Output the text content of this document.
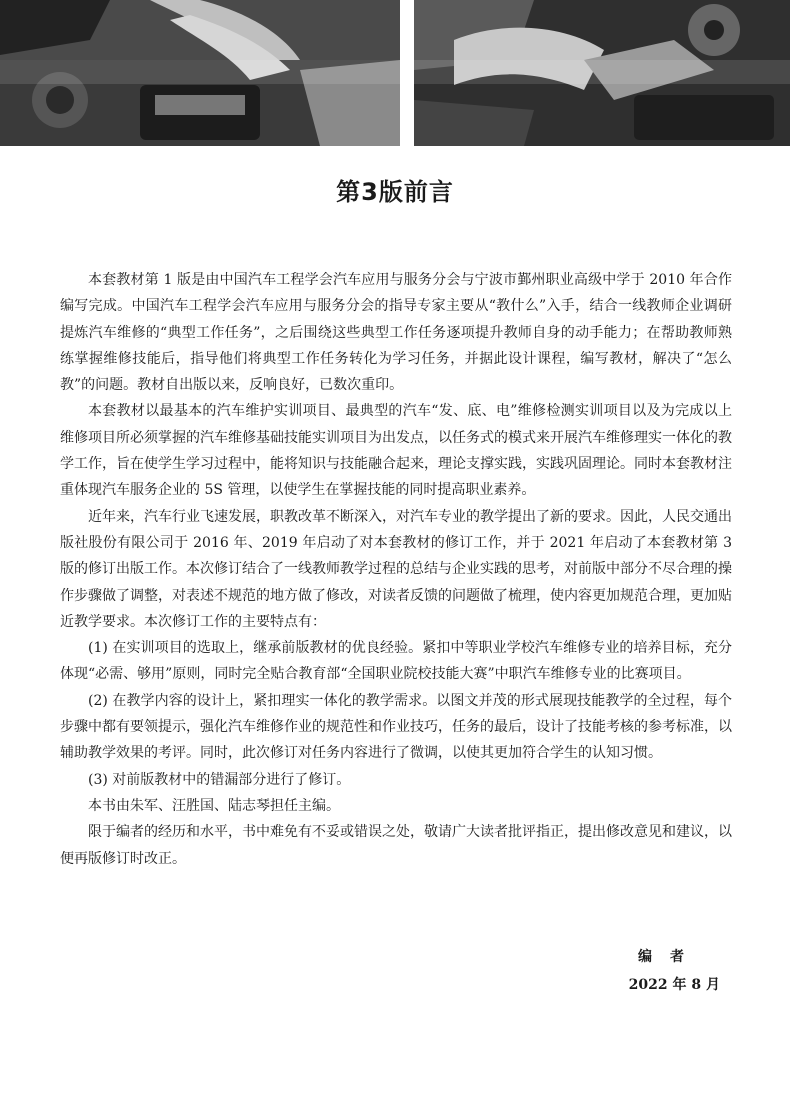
第3版前言

本套教材第 1 版是由中国汽车工程学会汽车应用与服务分会与宁波市鄞州职业高级中学于 2010 年合作编写完成。中国汽车工程学会汽车应用与服务分会的指导专家主要从“教什么”入手，结合一线教师企业调研提炼汽车维修的“典型工作任务”，之后围绕这些典型工作任务逐项提升教师自身的动手能力；在帮助教师熟练掌握维修技能后，指导他们将典型工作任务转化为学习任务，并据此设计课程，编写教材，解决了“怎么教”的问题。教材自出版以来，反响良好，已数次重印。

本套教材以最基本的汽车维护实训项目、最典型的汽车“发、底、电”维修检测实训项目以及为完成以上维修项目所必须掌握的汽车维修基础技能实训项目为出发点，以任务式的模式来开展汽车维修理实一体化的教学工作，旨在使学生学习过程中，能将知识与技能融合起来，理论支撑实践，实践巩固理论。同时本套教材注重体现汽车服务企业的 5S 管理，以使学生在掌握技能的同时提高职业素养。

近年来，汽车行业飞速发展，职教改革不断深入，对汽车专业的教学提出了新的要求。因此，人民交通出版社股份有限公司于 2016 年、2019 年启动了对本套教材的修订工作，并于 2021 年启动了本套教材第 3 版的修订出版工作。本次修订结合了一线教师教学过程的总结与企业实践的思考，对前版中部分不尽合理的操作步骤做了调整，对表述不规范的地方做了修改，对读者反馈的问题做了梳理，使内容更加规范合理，更加贴近教学要求。本次修订工作的主要特点有：

(1) 在实训项目的选取上，继承前版教材的优良经验。紧扣中等职业学校汽车维修专业的培养目标，充分体现“必需、够用”原则，同时完全贴合教育部“全国职业院校技能大赛”中职汽车维修专业的比赛项目。

(2) 在教学内容的设计上，紧扣理实一体化的教学需求。以图文并茂的形式展现技能教学的全过程，每个步骤中都有要领提示，强化汽车维修作业的规范性和作业技巧，任务的最后，设计了技能考核的参考标准，以辅助教学效果的考评。同时，此次修订对任务内容进行了微调，以使其更加符合学生的认知习惯。

(3) 对前版教材中的错漏部分进行了修订。

本书由朱军、汪胜国、陆志琴担任主编。

限于编者的经历和水平，书中难免有不妥或错误之处，敬请广大读者批评指正，提出修改意见和建议，以便再版修订时改正。

编者
2022 年 8 月
